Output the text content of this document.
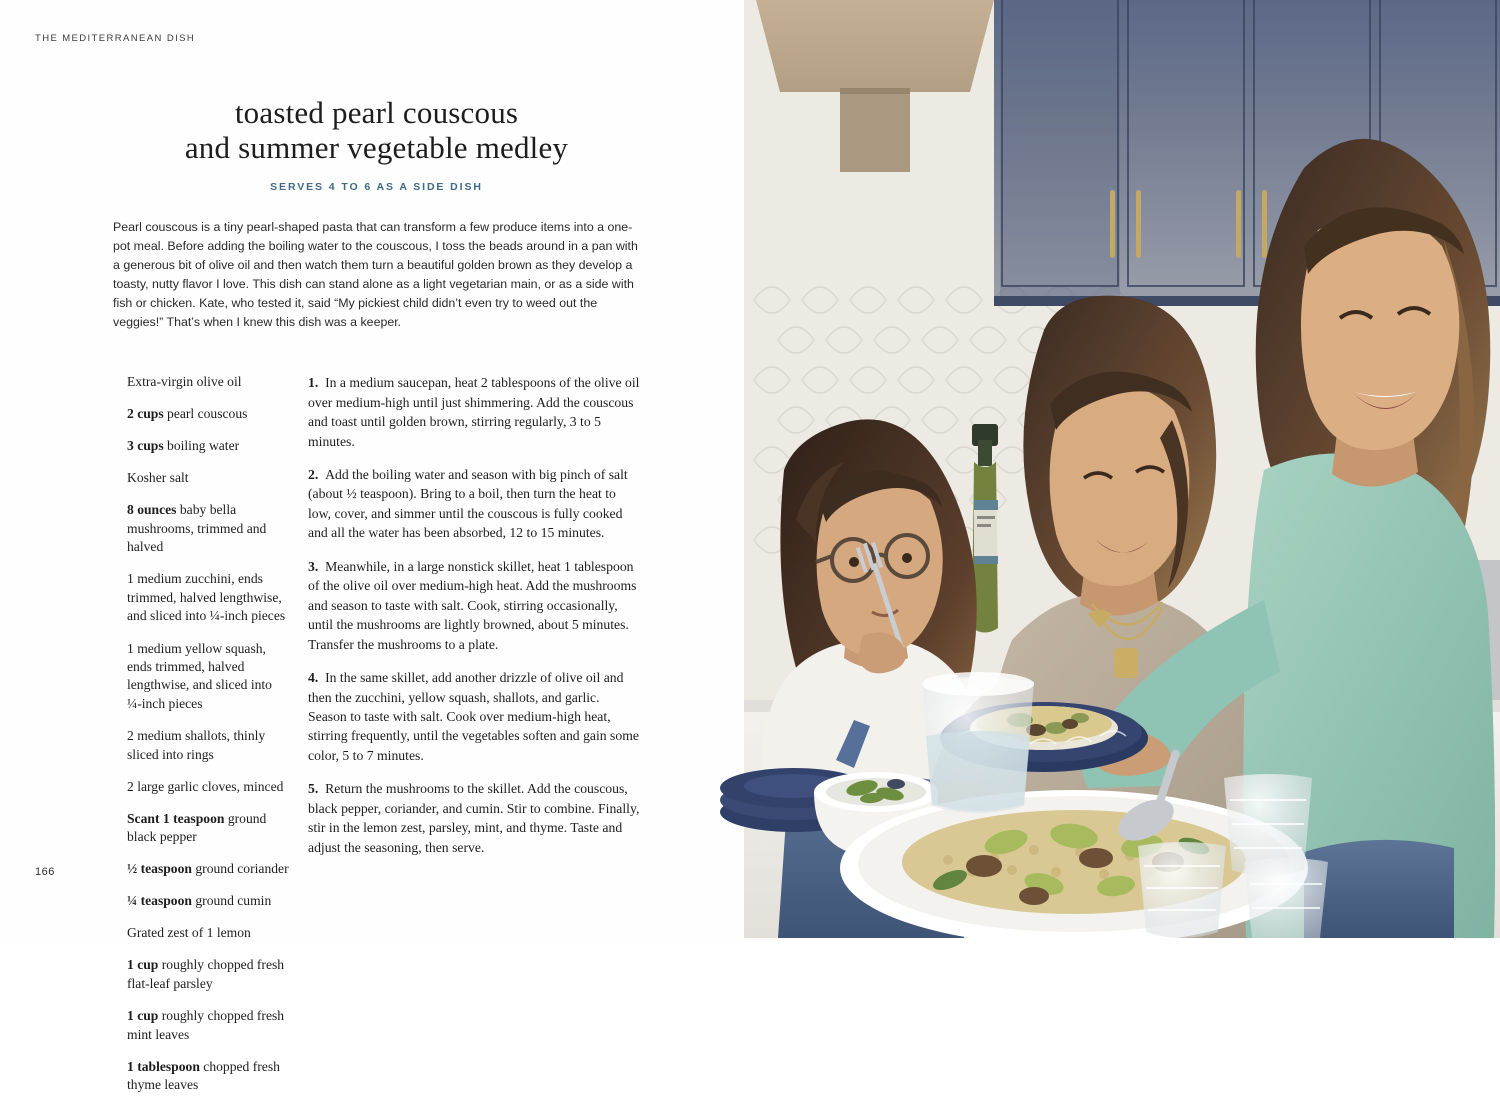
THE MEDITERRANEAN DISH
toasted pearl couscous
and summer vegetable medley
SERVES 4 TO 6 AS A SIDE DISH

Pearl couscous is a tiny pearl-shaped pasta that can transform a few produce items into a one-pot meal. Before adding the boiling water to the couscous, I toss the beads around in a pan with a generous bit of olive oil and then watch them turn a beautiful golden brown as they develop a toasty, nutty flavor I love. This dish can stand alone as a light vegetarian main, or as a side with fish or chicken. Kate, who tested it, said “My pickiest child didn’t even try to weed out the veggies!” That’s when I knew this dish was a keeper.

Extra-virgin olive oil

2 cups pearl couscous

3 cups boiling water

Kosher salt

8 ounces baby bella mushrooms, trimmed and halved

1 medium zucchini, ends trimmed, halved lengthwise, and sliced into ¼-inch pieces

1 medium yellow squash, ends trimmed, halved lengthwise, and sliced into ¼-inch pieces

2 medium shallots, thinly sliced into rings

2 large garlic cloves, minced

Scant 1 teaspoon ground black pepper

½ teaspoon ground coriander

¼ teaspoon ground cumin

Grated zest of 1 lemon

1 cup roughly chopped fresh flat-leaf parsley

1 cup roughly chopped fresh mint leaves

1 tablespoon chopped fresh thyme leaves

1. In a medium saucepan, heat 2 tablespoons of the olive oil over medium-high until just shimmering. Add the couscous and toast until golden brown, stirring regularly, 3 to 5 minutes.

2. Add the boiling water and season with big pinch of salt (about ½ teaspoon). Bring to a boil, then turn the heat to low, cover, and simmer until the couscous is fully cooked and all the water has been absorbed, 12 to 15 minutes.

3. Meanwhile, in a large nonstick skillet, heat 1 tablespoon of the olive oil over medium-high heat. Add the mushrooms and season to taste with salt. Cook, stirring occasionally, until the mushrooms are lightly browned, about 5 minutes. Transfer the mushrooms to a plate.

4. In the same skillet, add another drizzle of olive oil and then the zucchini, yellow squash, shallots, and garlic. Season to taste with salt. Cook over medium-high heat, stirring frequently, until the vegetables soften and gain some color, 5 to 7 minutes.

5. Return the mushrooms to the skillet. Add the couscous, black pepper, coriander, and cumin. Stir to combine. Finally, stir in the lemon zest, parsley, mint, and thyme. Taste and adjust the seasoning, then serve.

166
